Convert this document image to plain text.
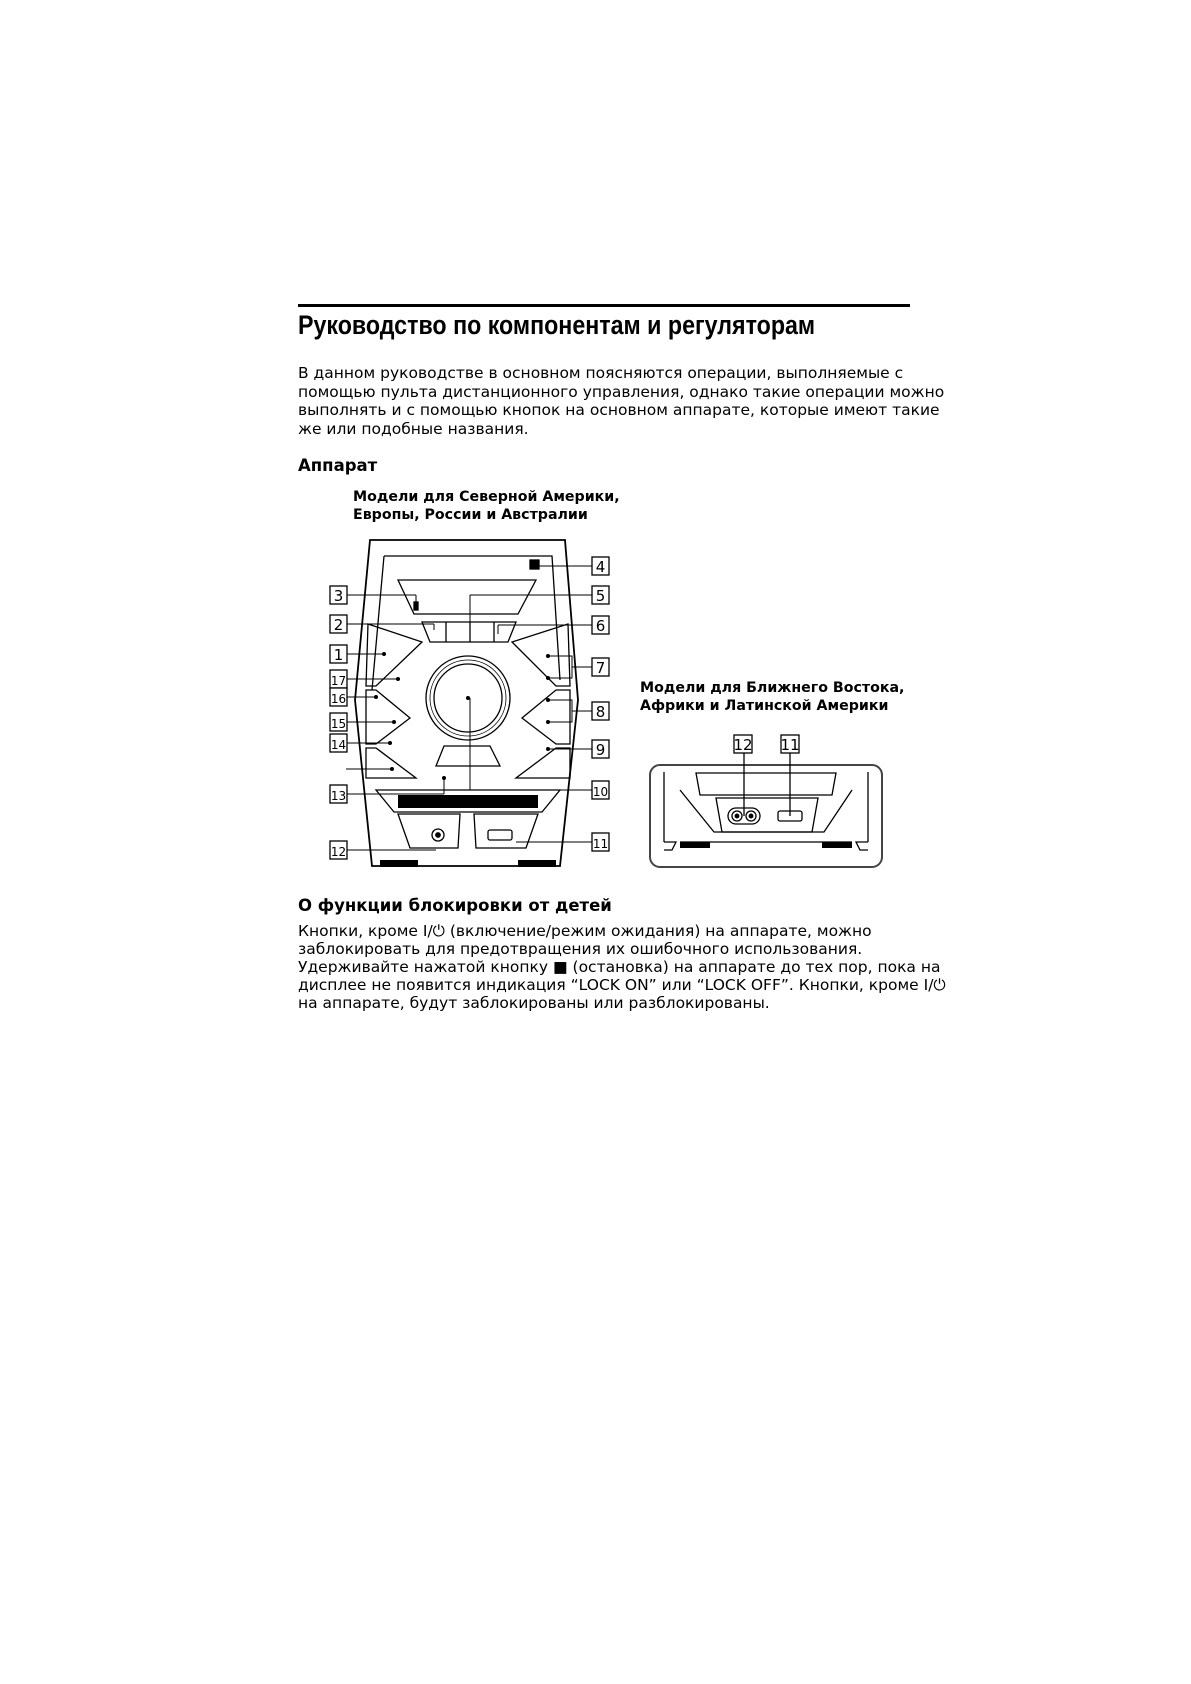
Руководство по компонентам и регуляторам

В данном руководстве в основном поясняются операции, выполняемые с
помощью пульта дистанционного управления, однако такие операции можно
выполнять и с помощью кнопок на основном аппарате, которые имеют такие
же или подобные названия.

Аппарат
Модели для Северной Америки,
Европы, России и Австралии
Модели для Ближнего Востока,
Африки и Латинской Америки
3
2
1
17
16
15
14
13
12
4
5
6
7
8
9
10
11
12 11
О функции блокировки от детей

Кнопки, кроме I/⏻ (включение/режим ожидания) на аппарате, можно
заблокировать для предотвращения их ошибочного использования.
Удерживайте нажатой кнопку ■ (остановка) на аппарате до тех пор, пока на
дисплее не появится индикация “LOCK ON” или “LOCK OFF”. Кнопки, кроме I/⏻
на аппарате, будут заблокированы или разблокированы.
